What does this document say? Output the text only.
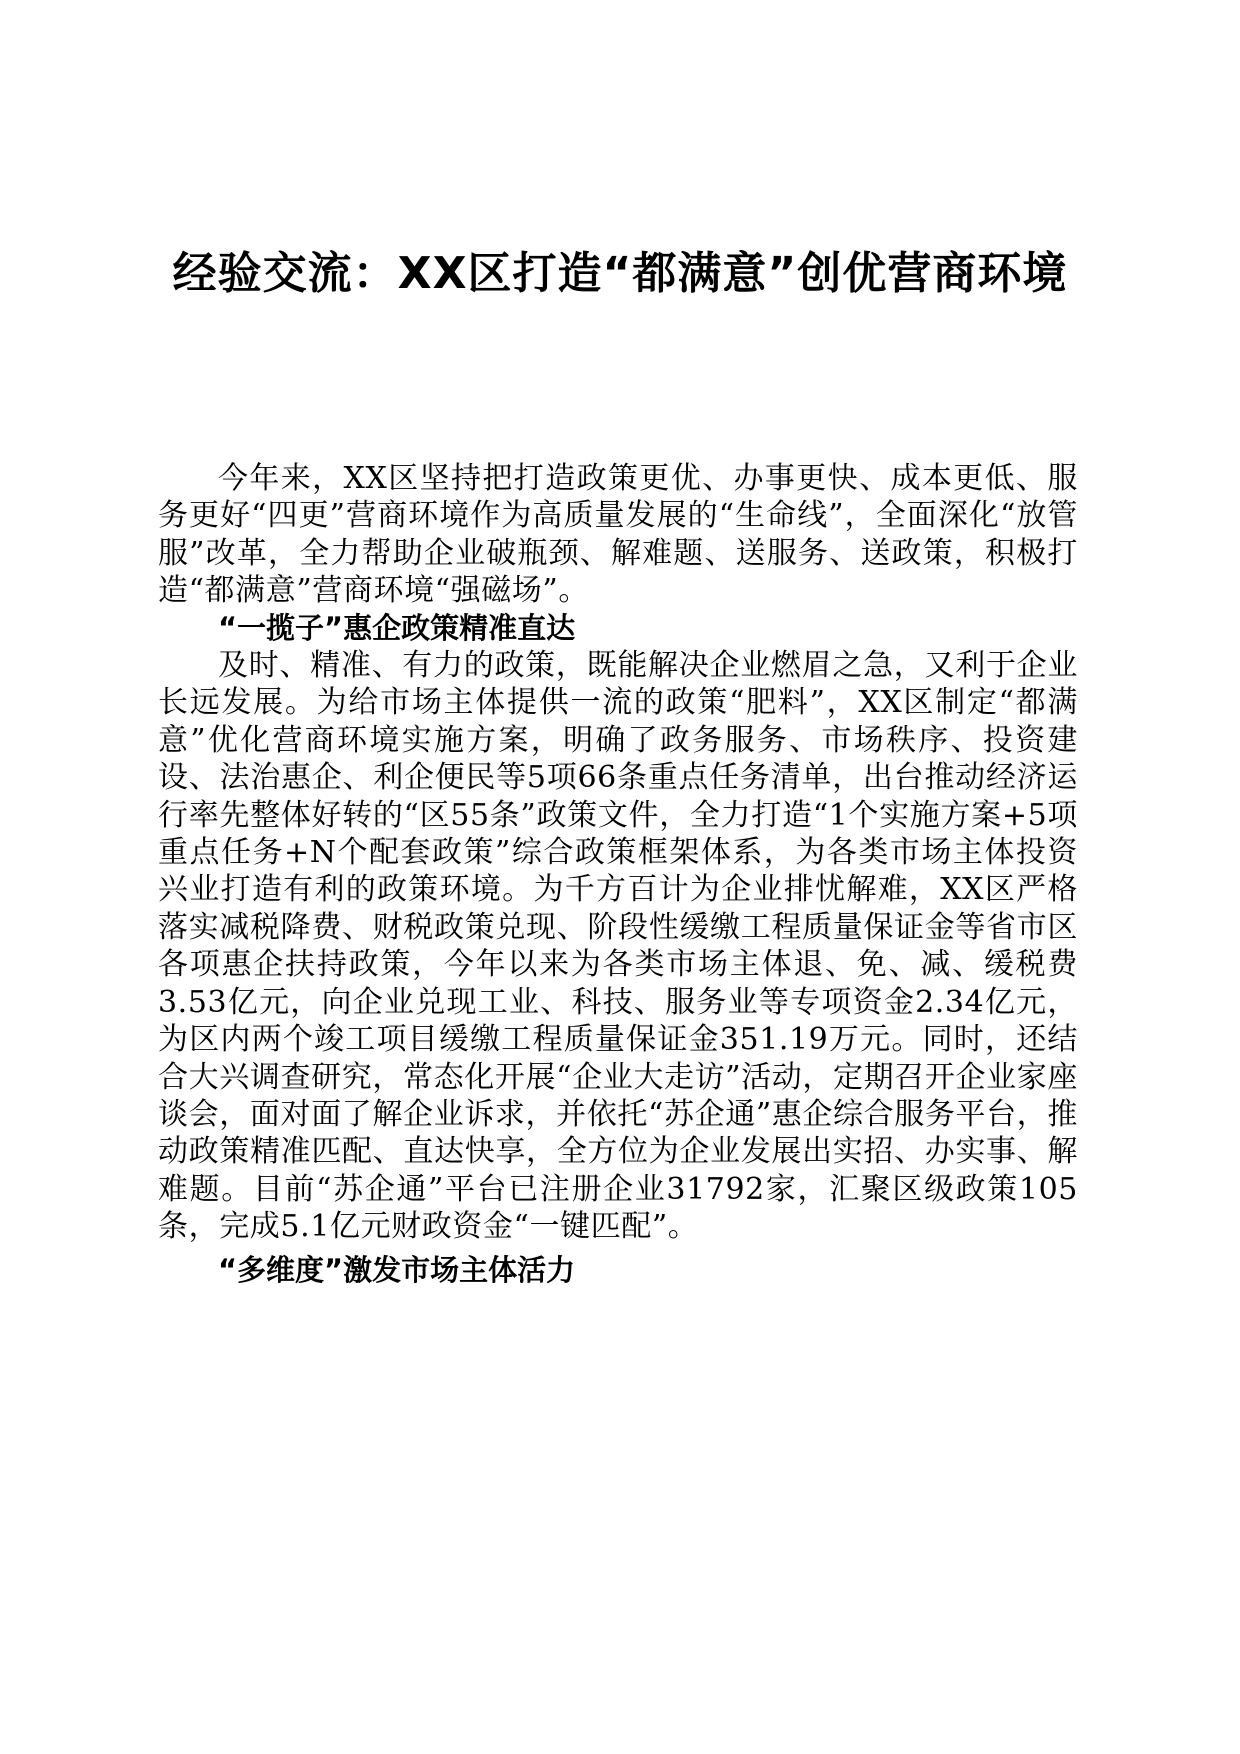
经验交流：XX区打造“都满意”创优营商环境

今年来，XX区坚持把打造政策更优、办事更快、成本更低、服务更好“四更”营商环境作为高质量发展的“生命线”，全面深化“放管服”改革，全力帮助企业破瓶颈、解难题、送服务、送政策，积极打造“都满意”营商环境“强磁场”。

“一揽子”惠企政策精准直达

及时、精准、有力的政策，既能解决企业燃眉之急，又利于企业长远发展。为给市场主体提供一流的政策“肥料”，XX区制定“都满意”优化营商环境实施方案，明确了政务服务、市场秩序、投资建设、法治惠企、利企便民等5项66条重点任务清单，出台推动经济运行率先整体好转的“区55条”政策文件，全力打造“1个实施方案+5项重点任务+N个配套政策”综合政策框架体系，为各类市场主体投资兴业打造有利的政策环境。为千方百计为企业排忧解难，XX区严格落实减税降费、财税政策兑现、阶段性缓缴工程质量保证金等省市区各项惠企扶持政策，今年以来为各类市场主体退、免、减、缓税费3.53亿元，向企业兑现工业、科技、服务业等专项资金2.34亿元，为区内两个竣工项目缓缴工程质量保证金351.19万元。同时，还结合大兴调查研究，常态化开展“企业大走访”活动，定期召开企业家座谈会，面对面了解企业诉求，并依托“苏企通”惠企综合服务平台，推动政策精准匹配、直达快享，全方位为企业发展出实招、办实事、解难题。目前“苏企通”平台已注册企业31792家，汇聚区级政策105条，完成5.1亿元财政资金“一键匹配”。

“多维度”激发市场主体活力
